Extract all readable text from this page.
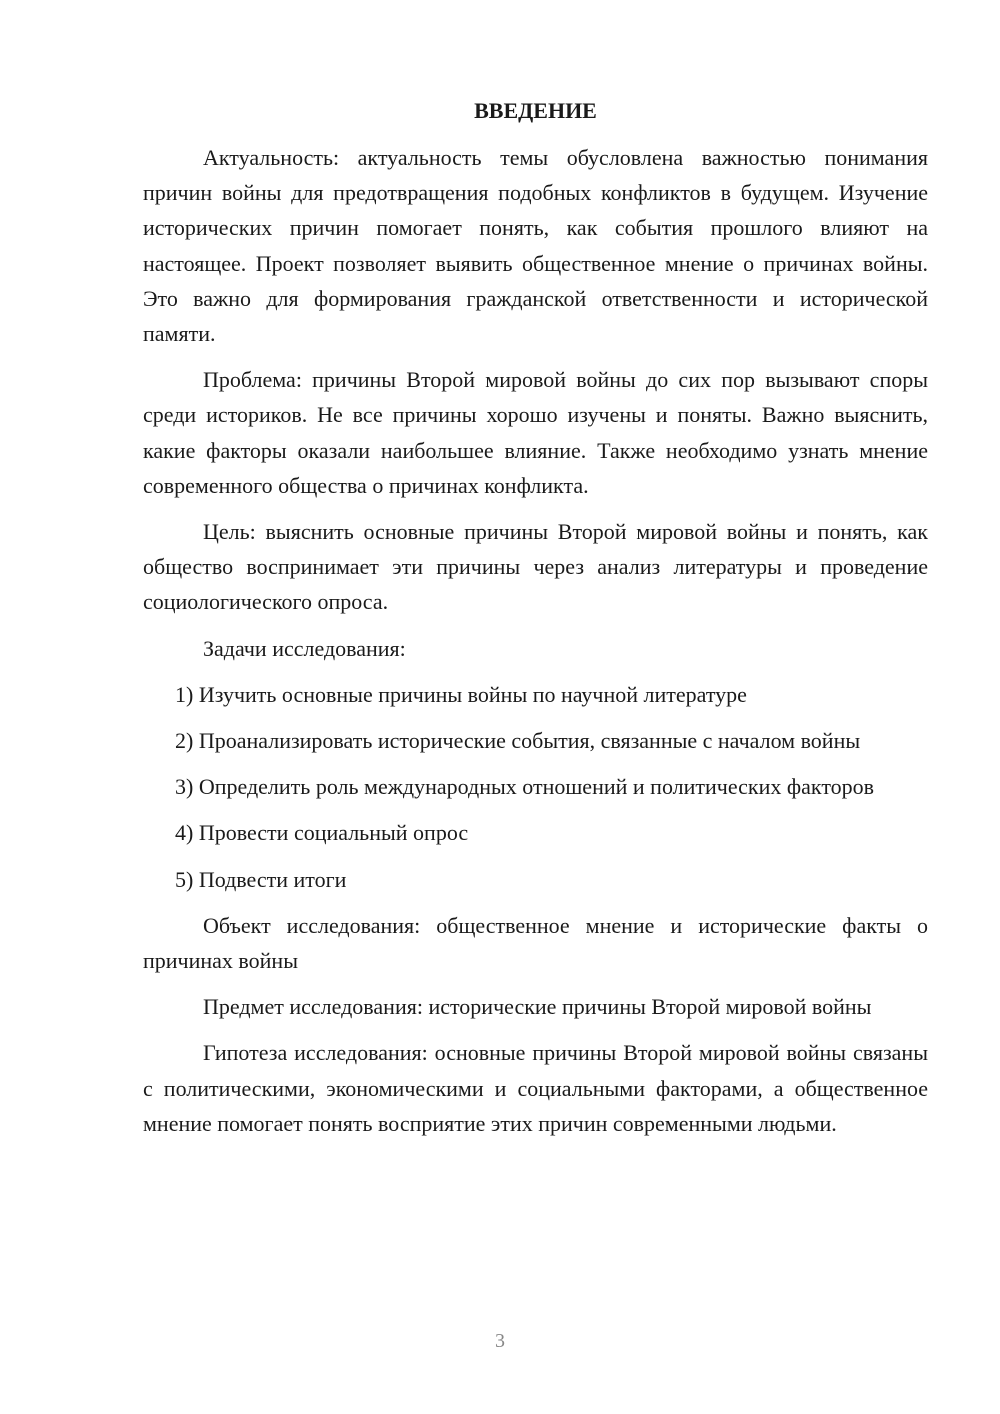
ВВЕДЕНИЕ

Актуальность: актуальность темы обусловлена важностью понимания причин войны для предотвращения подобных конфликтов в будущем. Изучение исторических причин помогает понять, как события прошлого влияют на настоящее. Проект позволяет выявить общественное мнение о причинах войны. Это важно для формирования гражданской ответственности и исторической памяти.

Проблема: причины Второй мировой войны до сих пор вызывают споры среди историков. Не все причины хорошо изучены и поняты. Важно выяснить, какие факторы оказали наибольшее влияние. Также необходимо узнать мнение современного общества о причинах конфликта.

Цель: выяснить основные причины Второй мировой войны и понять, как общество воспринимает эти причины через анализ литературы и проведение социологического опроса.

Задачи исследования:

1) Изучить основные причины войны по научной литературе

2) Проанализировать исторические события, связанные с началом войны

3) Определить роль международных отношений и политических факторов

4) Провести социальный опрос

5) Подвести итоги

Объект исследования: общественное мнение и исторические факты о причинах войны

Предмет исследования: исторические причины Второй мировой войны

Гипотеза исследования: основные причины Второй мировой войны связаны с политическими, экономическими и социальными факторами, а общественное мнение помогает понять восприятие этих причин современными людьми.

3
